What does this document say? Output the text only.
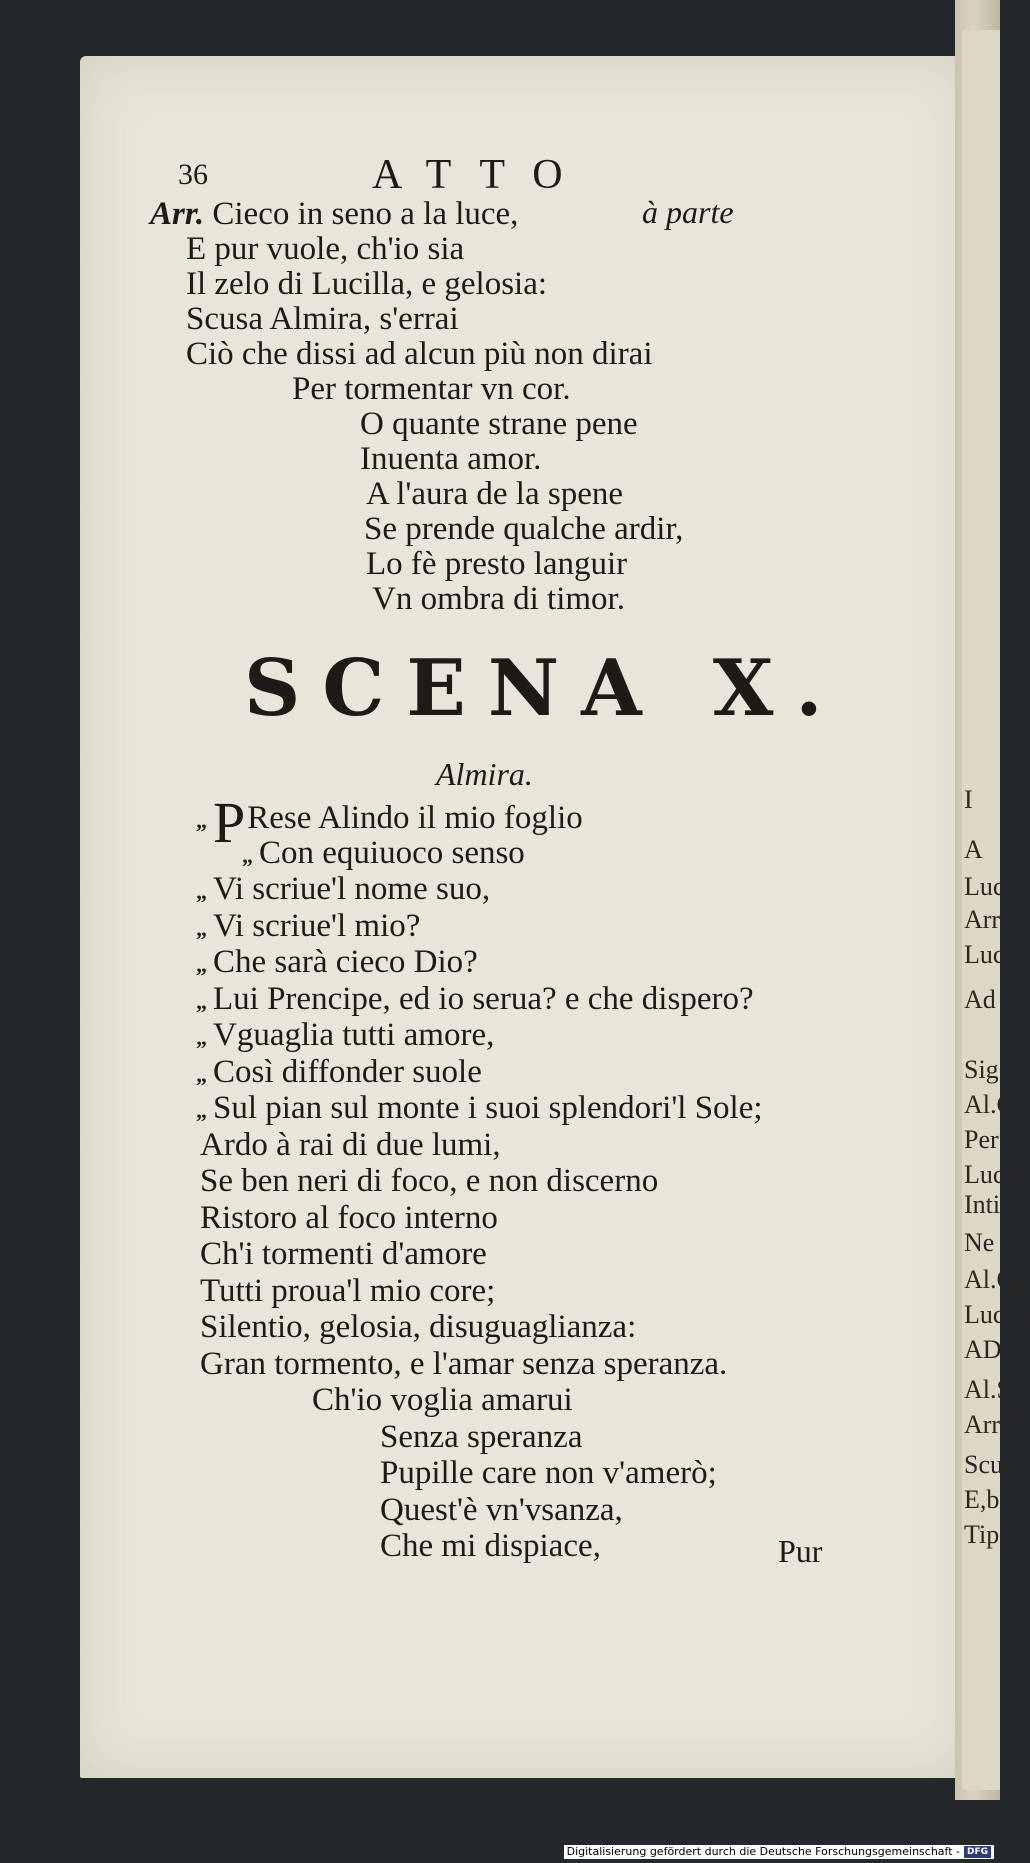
I
A
Luc.
Arr.
Luc.
Ad
Sig
Al.C
Per
Luc.V
Inti
Ne
Al.Qu
Luc.L
AD
Al.S
Arr.T
Scuo
E,b
Tipo
36	ATTO
à parte
Arr. Cieco in seno a la luce,
E pur vuole, ch'io sia
Il zelo di Lucilla, e gelosia:
Scusa Almira, s'errai
Ciò che dissi ad alcun più non dirai
Per tormentar vn cor.
O quante strane pene
Inuenta amor.
A l'aura de la spene
Se prende qualche ardir,
Lo fè presto languir
Vn ombra di timor.
SCENA X.
Almira.
„ PRese Alindo il mio foglio
„ Con equiuoco senso
„ Vi scriue'l nome suo,
„ Vi scriue'l mio?
„ Che sarà cieco Dio?
„ Lui Prencipe, ed io serua? e che dispero?
„ Vguaglia tutti amore,
„ Così diffonder suole
„ Sul pian sul monte i suoi splendori'l Sole;
Ardo à rai di due lumi,
Se ben neri di foco, e non discerno
Ristoro al foco interno
Ch'i tormenti d'amore
Tutti proua'l mio core;
Silentio, gelosia, disuguaglianza:
Gran tormento, e l'amar senza speranza.
Ch'io voglia amarui
Senza speranza
Pupille care non v'amerò;
Quest'è vn'vsanza,
Che mi dispiace,	Pur
Digitalisierung gefördert durch die Deutsche Forschungsgemeinschaft - DFG
